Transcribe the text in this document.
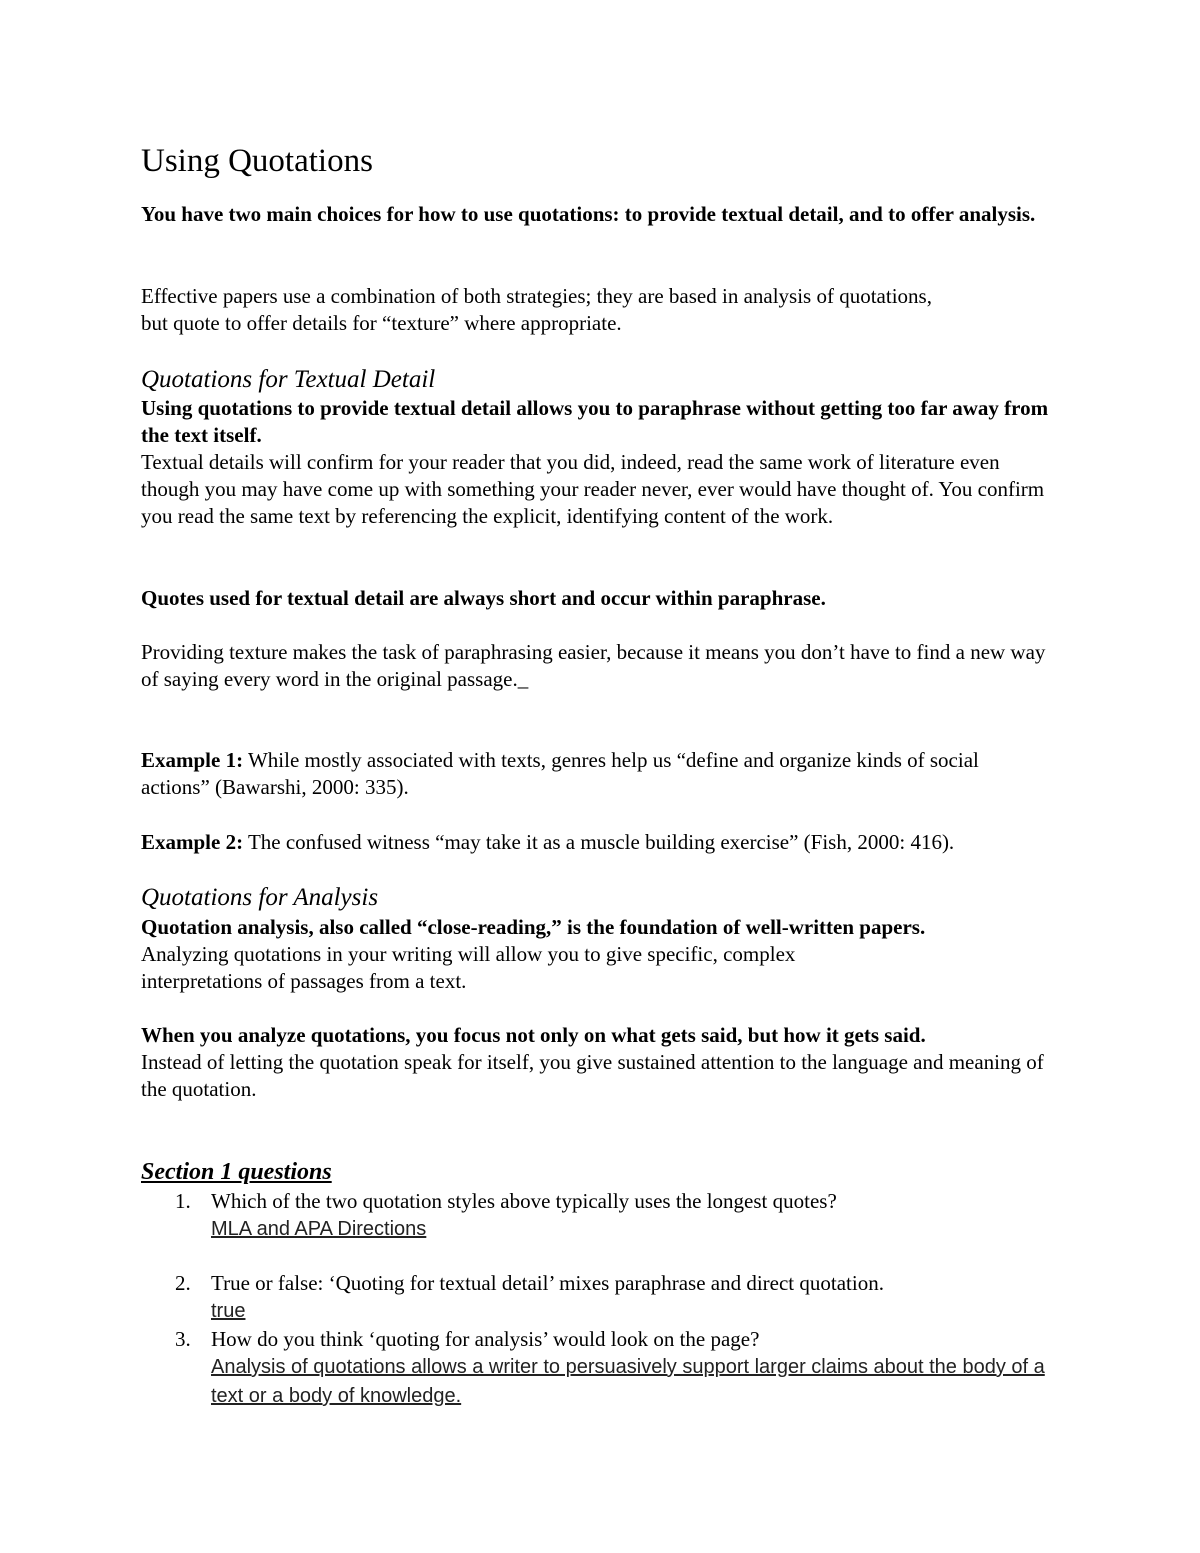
Using Quotations

You have two main choices for how to use quotations: to provide textual detail, and to offer analysis.

Effective papers use a combination of both strategies; they are based in analysis of quotations, but quote to offer details for “texture” where appropriate.

Quotations for Textual Detail

Using quotations to provide textual detail allows you to paraphrase without getting too far away from the text itself.

Textual details will confirm for your reader that you did, indeed, read the same work of literature even though you may have come up with something your reader never, ever would have thought of. You confirm you read the same text by referencing the explicit, identifying content of the work.

Quotes used for textual detail are always short and occur within paraphrase.

Providing texture makes the task of paraphrasing easier, because it means you don’t have to find a new way of saying every word in the original passage._

Example 1: While mostly associated with texts, genres help us “define and organize kinds of social actions” (Bawarshi, 2000: 335).

Example 2: The confused witness “may take it as a muscle building exercise” (Fish, 2000: 416).

Quotations for Analysis

Quotation analysis, also called “close-reading,” is the foundation of well-written papers.

Analyzing quotations in your writing will allow you to give specific, complex interpretations of passages from a text.

When you analyze quotations, you focus not only on what gets said, but how it gets said.

Instead of letting the quotation speak for itself, you give sustained attention to the language and meaning of the quotation.

Section 1 questions
1. Which of the two quotation styles above typically uses the longest quotes?
MLA and APA Directions
2. True or false: ‘Quoting for textual detail’ mixes paraphrase and direct quotation.
true
3. How do you think ‘quoting for analysis’ would look on the page?
Analysis of quotations allows a writer to persuasively support larger claims about the body of a text or a body of knowledge.
